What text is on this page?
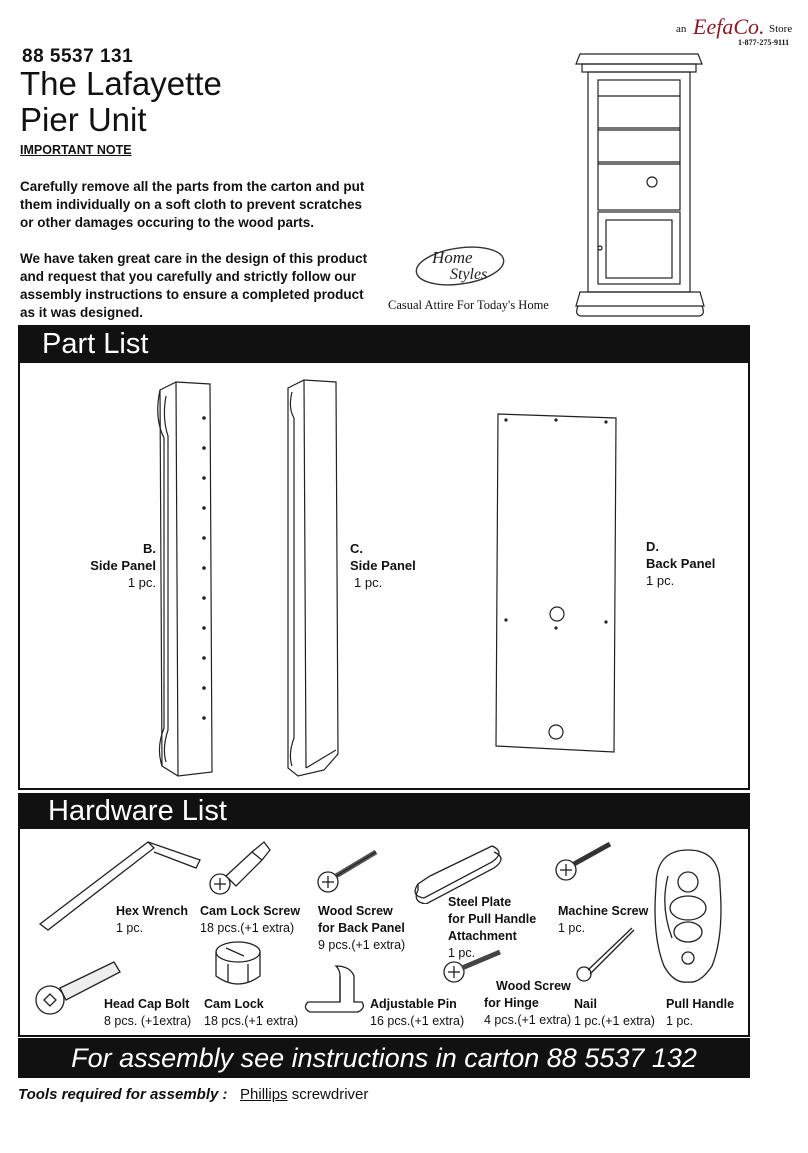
88 5537 131
The Lafayette
Pier Unit
IMPORTANT NOTE
Carefully remove all the parts from the carton and put them individually on a soft cloth to prevent scratches or other damages occuring to the wood parts.
We have taken great care in the design of this product and request that you carefully and strictly follow our assembly instructions to ensure a completed product as it was designed.
an EefaCo. Store
1-877-275-9111
Home
Styles
Casual Attire For Today's Home
Part List
B.
Side Panel
1 pc.
C.
Side Panel
1 pc.
D.
Back Panel
1 pc.
Hardware List
Hex Wrench
1 pc.
Cam Lock Screw
18 pcs.(+1 extra)
Wood Screw
for Back Panel
9 pcs.(+1 extra)
Steel Plate
for Pull Handle
Attachment
1 pc.
Machine Screw
1 pc.
Head Cap Bolt
8 pcs. (+1extra)
Cam Lock
18 pcs.(+1 extra)
Adjustable Pin
16 pcs.(+1 extra)
Wood Screw
for Hinge
4 pcs.(+1 extra)
Nail
1 pc.(+1 extra)
Pull Handle
1 pc.
For assembly see instructions in carton 88 5537 132
Tools required for assembly : Phillips screwdriver
